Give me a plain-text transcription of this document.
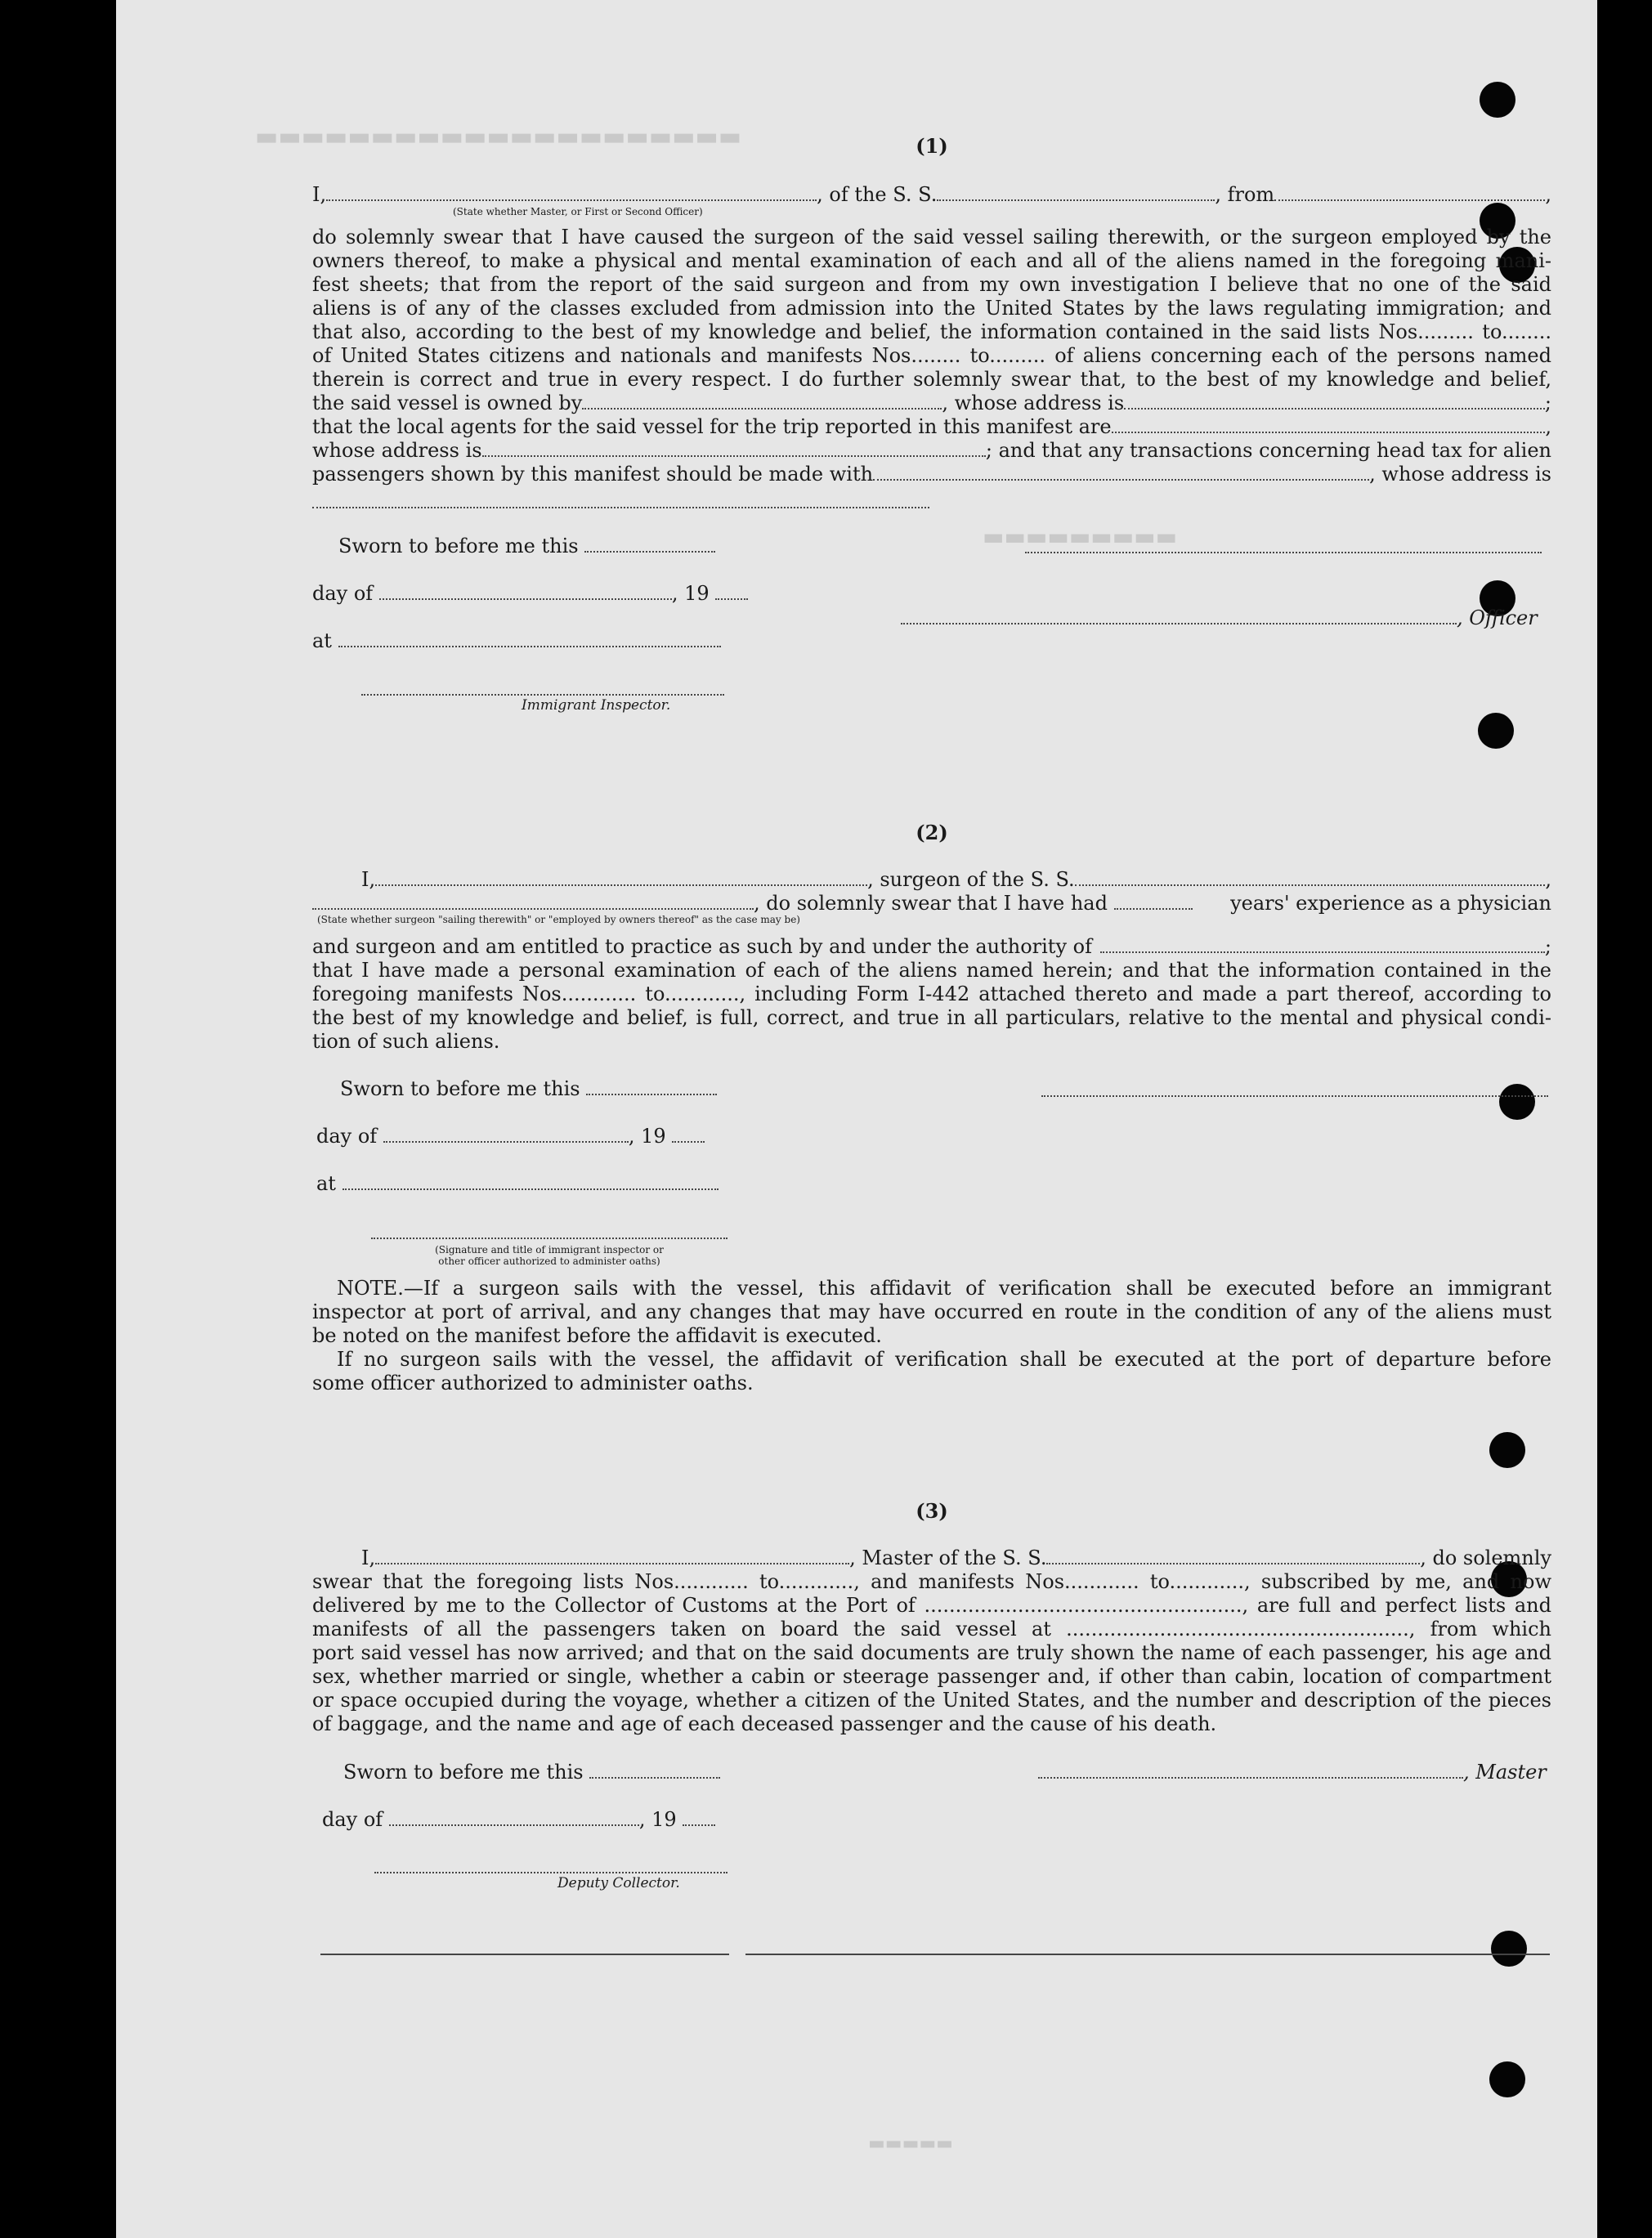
▬▬▬▬▬▬▬▬▬▬▬▬▬▬▬▬▬▬▬▬▬
▬▬▬▬▬▬▬▬▬
▬▬▬▬▬
(1)
I,	, of the S. S.	, from	,
(State whether Master, or First or Second Officer)
do solemnly swear that I have caused the surgeon of the said vessel sailing therewith, or the surgeon employed by the
owners thereof, to make a physical and mental examination of each and all of the aliens named in the foregoing mani-
fest sheets; that from the report of the said surgeon and from my own investigation I believe that no one of the said
aliens is of any of the classes excluded from admission into the United States by the laws regulating immigration; and
that also, according to the best of my knowledge and belief, the information contained in the said lists Nos......... to........
of United States citizens and nationals and manifests Nos........ to......... of aliens concerning each of the persons named
therein is correct and true in every respect. I do further solemnly swear that, to the best of my knowledge and belief,
the said vessel is owned by	, whose address is	;
that the local agents for the said vessel for the trip reported in this manifest are	,
whose address is	; and that any transactions concerning head tax for alien
passengers shown by this manifest should be made with	, whose address is
Sworn to before me this
day of	, 19
, Officer
at
Immigrant Inspector.
(2)
I,	, surgeon of the S. S.	,
, do solemnly swear that I have had	years' experience as a physician
(State whether surgeon "sailing therewith" or "employed by owners thereof" as the case may be)
and surgeon and am entitled to practice as such by and under the authority of	;
that I have made a personal examination of each of the aliens named herein; and that the information contained in the
foregoing manifests Nos............ to............, including Form I-442 attached thereto and made a part thereof, according to
the best of my knowledge and belief, is full, correct, and true in all particulars, relative to the mental and physical condi-
tion of such aliens.
Sworn to before me this
day of	, 19
at
(Signature and title of immigrant inspector or
other officer authorized to administer oaths)
NOTE.—If a surgeon sails with the vessel, this affidavit of verification shall be executed before an immigrant
inspector at port of arrival, and any changes that may have occurred en route in the condition of any of the aliens must
be noted on the manifest before the affidavit is executed.
If no surgeon sails with the vessel, the affidavit of verification shall be executed at the port of departure before
some officer authorized to administer oaths.
(3)
I,	, Master of the S. S.	, do solemnly
swear that the foregoing lists Nos............ to............, and manifests Nos............ to............, subscribed by me, and now
delivered by me to the Collector of Customs at the Port of ..................................................., are full and perfect lists and
manifests of all the passengers taken on board the said vessel at ......................................................., from which
port said vessel has now arrived; and that on the said documents are truly shown the name of each passenger, his age and
sex, whether married or single, whether a cabin or steerage passenger and, if other than cabin, location of compartment
or space occupied during the voyage, whether a citizen of the United States, and the number and description of the pieces
of baggage, and the name and age of each deceased passenger and the cause of his death.
Sworn to before me this	, Master
day of	, 19
Deputy Collector.
